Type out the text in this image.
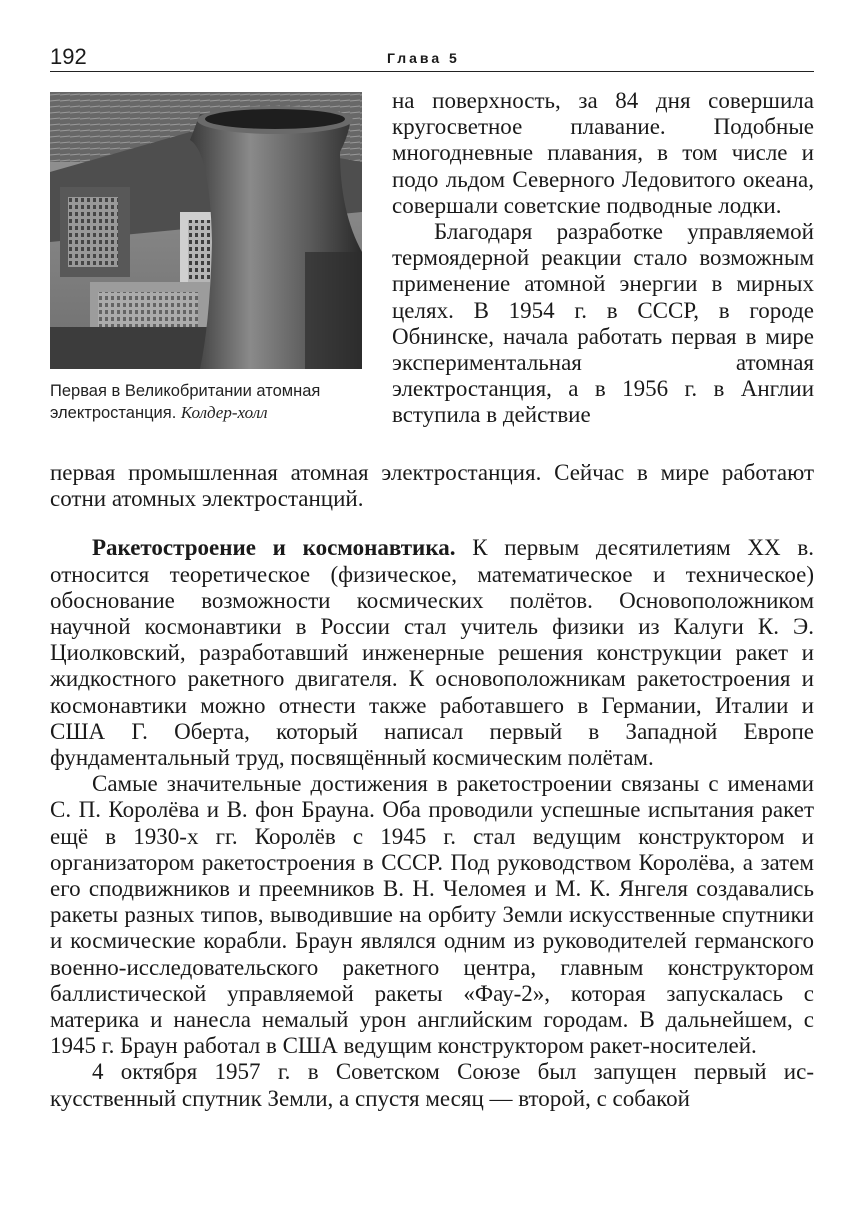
192	Глава 5
Первая в Великобритании атомная электростанция. Колдер-холл

на поверхность, за 84 дня совершила кругосветное плавание. Подобные многодневные плавания, в том числе и подо льдом Северного Ледовитого океана, совершали советские подводные лодки.

Благодаря разработке управляемой термоядерной реакции стало возможным применение атомной энергии в мирных целях. В 1954 г. в СССР, в городе Обнинске, начала работать первая в мире экспериментальная атомная электростанция, а в 1956 г. в Англии вступила в действие

первая промышленная атомная электростанция. Сейчас в мире работают сотни атомных электростанций.

Ракетостроение и космонавтика. К первым десятилетиям XX в. относится теоретическое (физическое, математическое и техническое) обоснование возможности космических полётов. Основоположником научной космонавтики в России стал учитель физики из Калуги К. Э. Циолковский, разработавший инженерные решения конструкции ракет и жидкостного ракетного двигателя. К основоположникам ракетостроения и космонавтики можно отнести также работавшего в Германии, Италии и США Г. Оберта, который написал первый в Западной Европе фундаментальный труд, посвящённый космическим полётам.

Самые значительные достижения в ракетостроении связаны с именами С. П. Королёва и В. фон Брауна. Оба проводили успешные испытания ракет ещё в 1930-х гг. Королёв с 1945 г. стал ведущим конструктором и организатором ракетостроения в СССР. Под руководством Королёва, а затем его сподвижников и преемников В. Н. Челомея и М. К. Янгеля создавались ракеты разных типов, выводившие на орбиту Земли искусственные спутники и космические корабли. Браун являлся одним из руководителей германского военно-исследовательского ракетного центра, главным конструктором баллистической управляемой ракеты «Фау-2», которая запускалась с материка и нанесла немалый урон английским городам. В дальнейшем, с 1945 г. Браун работал в США ведущим конструктором ракет-носителей.

4 октября 1957 г. в Советском Союзе был запущен первый искусственный спутник Земли, а спустя месяц — второй, с собакой
